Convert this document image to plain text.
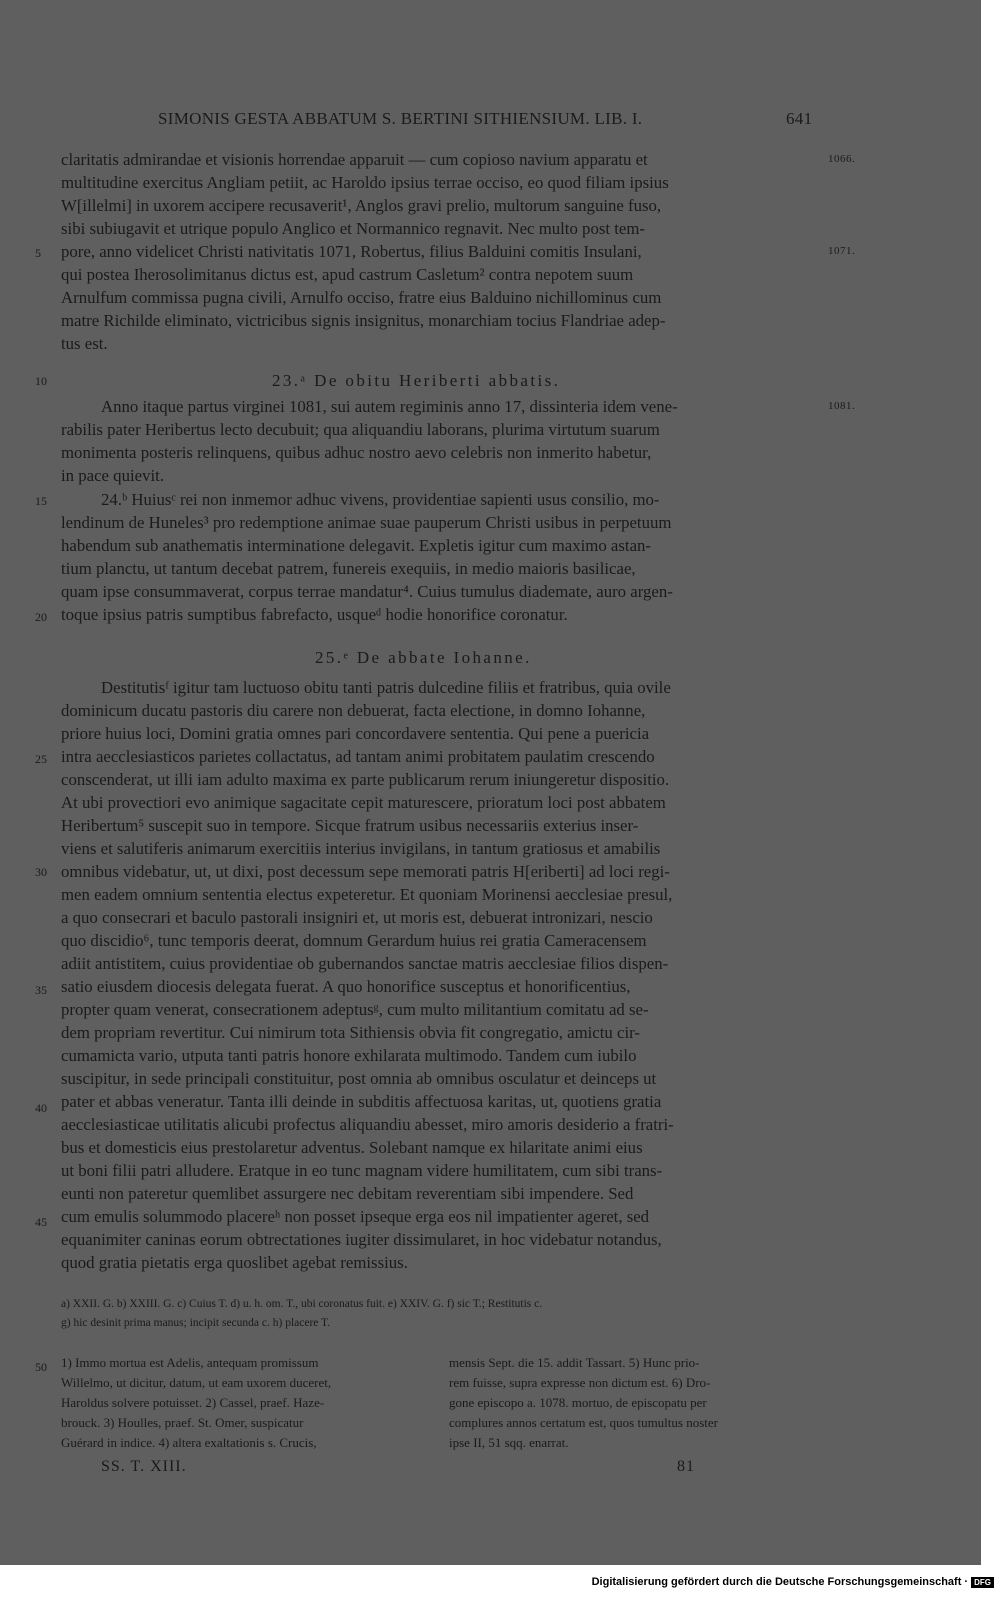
SIMONIS GESTA ABBATUM S. BERTINI SITHIENSIUM. LIB. I.	641
1066.
1071.
1081.
5
10
15
20
25
30
35
40
45
50
claritatis admirandae et visionis horrendae apparuit — cum copioso navium apparatu et
multitudine exercitus Angliam petiit, ac Haroldo ipsius terrae occiso, eo quod filiam ipsius
W[illelmi] in uxorem accipere recusaverit¹, Anglos gravi prelio, multorum sanguine fuso,
sibi subiugavit et utrique populo Anglico et Normannico regnavit. Nec multo post tem-
pore, anno videlicet Christi nativitatis 1071, Robertus, filius Balduini comitis Insulani,
qui postea Iherosolimitanus dictus est, apud castrum Casletum² contra nepotem suum
Arnulfum commissa pugna civili, Arnulfo occiso, fratre eius Balduino nichillominus cum
matre Richilde eliminato, victricibus signis insignitus, monarchiam tocius Flandriae adep-
tus est.
23.ᵃ De obitu Heriberti abbatis.
Anno itaque partus virginei 1081, sui autem regiminis anno 17, dissinteria idem vene-
rabilis pater Heribertus lecto decubuit; qua aliquandiu laborans, plurima virtutum suarum
monimenta posteris relinquens, quibus adhuc nostro aevo celebris non inmerito habetur,
in pace quievit.
24.ᵇ Huiusᶜ rei non inmemor adhuc vivens, providentiae sapienti usus consilio, mo-
lendinum de Huneles³ pro redemptione animae suae pauperum Christi usibus in perpetuum
habendum sub anathematis interminatione delegavit. Expletis igitur cum maximo astan-
tium planctu, ut tantum decebat patrem, funereis exequiis, in medio maioris basilicae,
quam ipse consummaverat, corpus terrae mandatur⁴. Cuius tumulus diademate, auro argen-
toque ipsius patris sumptibus fabrefacto, usqueᵈ hodie honorifice coronatur.
25.ᵉ De abbate Iohanne.
Destitutisᶠ igitur tam luctuoso obitu tanti patris dulcedine filiis et fratribus, quia ovile
dominicum ducatu pastoris diu carere non debuerat, facta electione, in domno Iohanne,
priore huius loci, Domini gratia omnes pari concordavere sententia. Qui pene a puericia
intra aecclesiasticos parietes collactatus, ad tantam animi probitatem paulatim crescendo
conscenderat, ut illi iam adulto maxima ex parte publicarum rerum iniungeretur dispositio.
At ubi provectiori evo animique sagacitate cepit maturescere, prioratum loci post abbatem
Heribertum⁵ suscepit suo in tempore. Sicque fratrum usibus necessariis exterius inser-
viens et salutiferis animarum exercitiis interius invigilans, in tantum gratiosus et amabilis
omnibus videbatur, ut, ut dixi, post decessum sepe memorati patris H[eriberti] ad loci regi-
men eadem omnium sententia electus expeteretur. Et quoniam Morinensi aecclesiae presul,
a quo consecrari et baculo pastorali insigniri et, ut moris est, debuerat intronizari, nescio
quo discidio⁶, tunc temporis deerat, domnum Gerardum huius rei gratia Cameracensem
adiit antistitem, cuius providentiae ob gubernandos sanctae matris aecclesiae filios dispen-
satio eiusdem diocesis delegata fuerat. A quo honorifice susceptus et honorificentius,
propter quam venerat, consecrationem adeptusᵍ, cum multo militantium comitatu ad se-
dem propriam revertitur. Cui nimirum tota Sithiensis obvia fit congregatio, amictu cir-
cumamicta vario, utputa tanti patris honore exhilarata multimodo. Tandem cum iubilo
suscipitur, in sede principali constituitur, post omnia ab omnibus osculatur et deinceps ut
pater et abbas veneratur. Tanta illi deinde in subditis affectuosa karitas, ut, quotiens gratia
aecclesiasticae utilitatis alicubi profectus aliquandiu abesset, miro amoris desiderio a fratri-
bus et domesticis eius prestolaretur adventus. Solebant namque ex hilaritate animi eius
ut boni filii patri alludere. Eratque in eo tunc magnam videre humilitatem, cum sibi trans-
eunti non pateretur quemlibet assurgere nec debitam reverentiam sibi impendere. Sed
cum emulis solummodo placereʰ non posset ipseque erga eos nil impatienter ageret, sed
equanimiter caninas eorum obtrectationes iugiter dissimularet, in hoc videbatur notandus,
quod gratia pietatis erga quoslibet agebat remissius.
a) XXII. G. b) XXIII. G. c) Cuius T. d) u. h. om. T., ubi coronatus fuit. e) XXIV. G. f) sic T.; Restitutis c.
g) hic desinit prima manus; incipit secunda c. h) placere T.
1) Immo mortua est Adelis, antequam promissum
Willelmo, ut dicitur, datum, ut eam uxorem duceret,
Haroldus solvere potuisset. 2) Cassel, praef. Haze-
brouck. 3) Houlles, praef. St. Omer, suspicatur
Guérard in indice. 4) altera exaltationis s. Crucis,
mensis Sept. die 15. addit Tassart. 5) Hunc prio-
rem fuisse, supra expresse non dictum est. 6) Dro-
gone episcopo a. 1078. mortuo, de episcopatu per
complures annos certatum est, quos tumultus noster
ipse II, 51 sqq. enarrat.
SS. T. XIII.	81
Digitalisierung gefördert durch die Deutsche Forschungsgemeinschaft · DFG
